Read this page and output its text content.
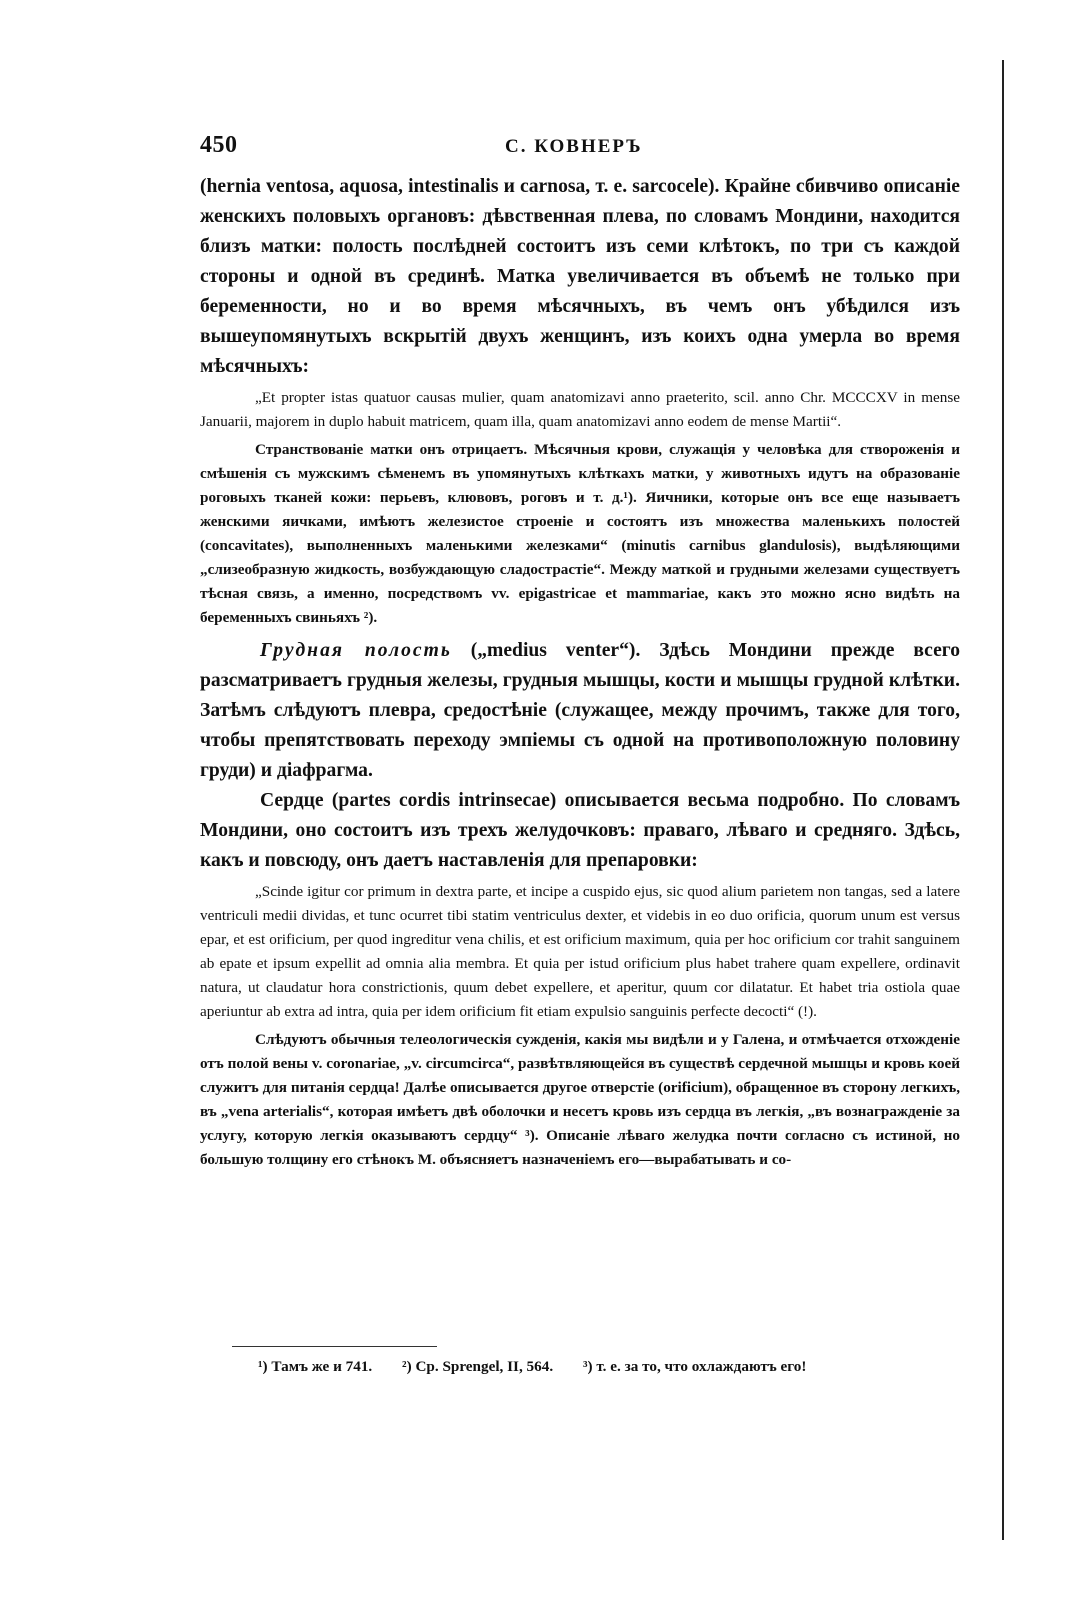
450	С. КОВНЕРЪ

(hernia ventosa, aquosa, intestinalis и carnosa, т. е. sarcocele). Крайне сбивчиво описаніе женскихъ половыхъ органовъ: дѣвственная плева, по словамъ Мондини, находится близъ матки: полость послѣдней состоитъ изъ семи клѣтокъ, по три съ каждой стороны и одной въ срединѣ. Матка увеличивается въ объемѣ не только при беременности, но и во время мѣсячныхъ, въ чемъ онъ убѣдился изъ вышеупомянутыхъ вскрытій двухъ женщинъ, изъ коихъ одна умерла во время мѣсячныхъ:

„Et propter istas quatuor causas mulier, quam anatomizavi anno praeterito, scil. anno Chr. MCCCXV in mense Januarii, majorem in duplo habuit matricem, quam illa, quam anatomizavi anno eodem de mense Martii“.

Странствованіе матки онъ отрицаетъ. Мѣсячныя крови, служащія у человѣка для створоженія и смѣшенія съ мужскимъ сѣменемъ въ упомянутыхъ клѣткахъ матки, у животныхъ идутъ на образованіе роговыхъ тканей кожи: перьевъ, клювовъ, роговъ и т. д.¹). Яичники, которые онъ все еще называетъ женскими яичками, имѣютъ железистое строеніе и состоятъ изъ множества маленькихъ полостей (concavitates), выполненныхъ маленькими железками“ (minutis carnibus glandulosis), выдѣляющими „слизеобразную жидкость, возбуждающую сладострастіе“. Между маткой и грудными железами существуетъ тѣсная связь, а именно, посредствомъ vv. epigastricae et mammariae, какъ это можно ясно видѣть на беременныхъ свиньяхъ ²).

Грудная полость („medius venter“). Здѣсь Мондини прежде всего разсматриваетъ грудныя железы, грудныя мышцы, кости и мышцы грудной клѣтки. Затѣмъ слѣдуютъ плевра, средостѣніе (служащее, между прочимъ, также для того, чтобы препятствовать переходу эмпіемы съ одной на противоположную половину груди) и діафрагма.

Сердце (partes cordis intrinsecae) описывается весьма подробно. По словамъ Мондини, оно состоитъ изъ трехъ желудочковъ: праваго, лѣваго и средняго. Здѣсь, какъ и повсюду, онъ даетъ наставленія для препаровки:

„Scinde igitur cor primum in dextra parte, et incipe a cuspido ejus, sic quod alium parietem non tangas, sed a latere ventriculi medii dividas, et tunc ocurret tibi statim ventriculus dexter, et videbis in eo duo orificia, quorum unum est versus epar, et est orificium, per quod ingreditur vena chilis, et est orificium maximum, quia per hoc orificium cor trahit sanguinem ab epate et ipsum expellit ad omnia alia membra. Et quia per istud orificium plus habet trahere quam expellere, ordinavit natura, ut claudatur hora constrictionis, quum debet expellere, et aperitur, quum cor dilatatur. Et habet tria ostiola quae aperiuntur ab extra ad intra, quia per idem orificium fit etiam expulsio sanguinis perfecte decocti“ (!).

Слѣдуютъ обычныя телеологическія сужденія, какія мы видѣли и у Галена, и отмѣчается отхожденіе отъ полой вены v. coronariae, „v. circumcirca“, развѣтвляющейся въ существѣ сердечной мышцы и кровь коей служитъ для питанія сердца! Далѣе описывается другое отверстіе (orificium), обращенное въ сторону легкихъ, въ „vena arterialis“, которая имѣетъ двѣ оболочки и несетъ кровь изъ сердца въ легкія, „въ вознагражденіе за услугу, которую легкія оказываютъ сердцу“ ³). Описаніе лѣваго желудка почти согласно съ истиной, но большую толщину его стѣнокъ М. объясняетъ назначеніемъ его—вырабатывать и со-

¹) Тамъ же и 741. ²) Ср. Sprengel, II, 564. ³) т. е. за то, что охлаждаютъ его!
